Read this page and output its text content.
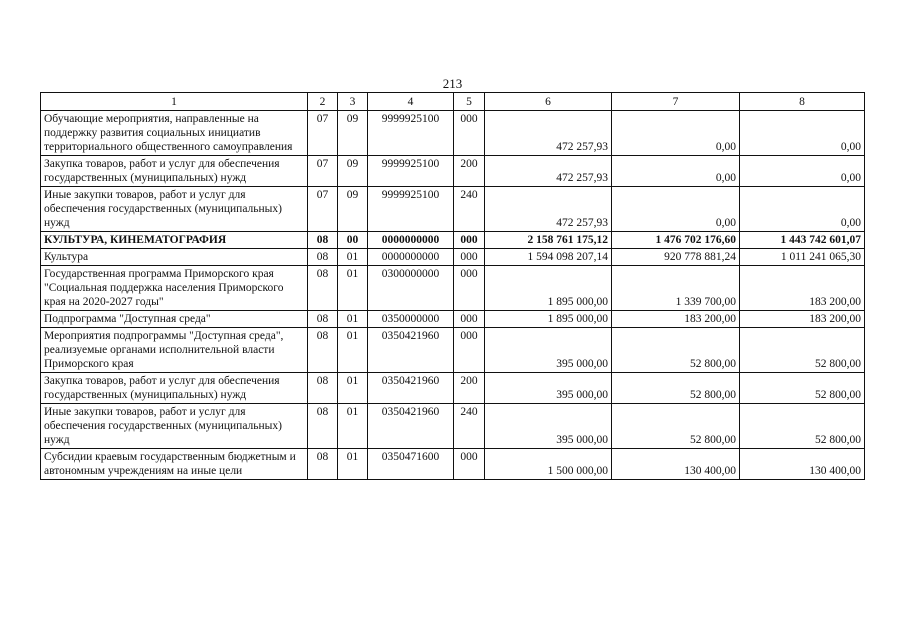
213
1	2	3	4	5	6	7	8
Обучающие мероприятия, направленные на поддержку развития социальных инициатив территориального общественного самоуправления	07	09	9999925100	000	472 257,93	0,00	0,00
Закупка товаров, работ и услуг для обеспечения государственных (муниципальных) нужд	07	09	9999925100	200	472 257,93	0,00	0,00
Иные закупки товаров, работ и услуг для обеспечения государственных (муниципальных) нужд	07	09	9999925100	240	472 257,93	0,00	0,00
КУЛЬТУРА, КИНЕМАТОГРАФИЯ	08	00	0000000000	000	2 158 761 175,12	1 476 702 176,60	1 443 742 601,07
Культура	08	01	0000000000	000	1 594 098 207,14	920 778 881,24	1 011 241 065,30
Государственная программа Приморского края "Социальная поддержка населения Приморского края на 2020-2027 годы"	08	01	0300000000	000	1 895 000,00	1 339 700,00	183 200,00
Подпрограмма "Доступная среда"	08	01	0350000000	000	1 895 000,00	183 200,00	183 200,00
Мероприятия подпрограммы "Доступная среда", реализуемые органами исполнительной власти Приморского края	08	01	0350421960	000	395 000,00	52 800,00	52 800,00
Закупка товаров, работ и услуг для обеспечения государственных (муниципальных) нужд	08	01	0350421960	200	395 000,00	52 800,00	52 800,00
Иные закупки товаров, работ и услуг для обеспечения государственных (муниципальных) нужд	08	01	0350421960	240	395 000,00	52 800,00	52 800,00
Субсидии краевым государственным бюджетным и автономным учреждениям на иные цели	08	01	0350471600	000	1 500 000,00	130 400,00	130 400,00
